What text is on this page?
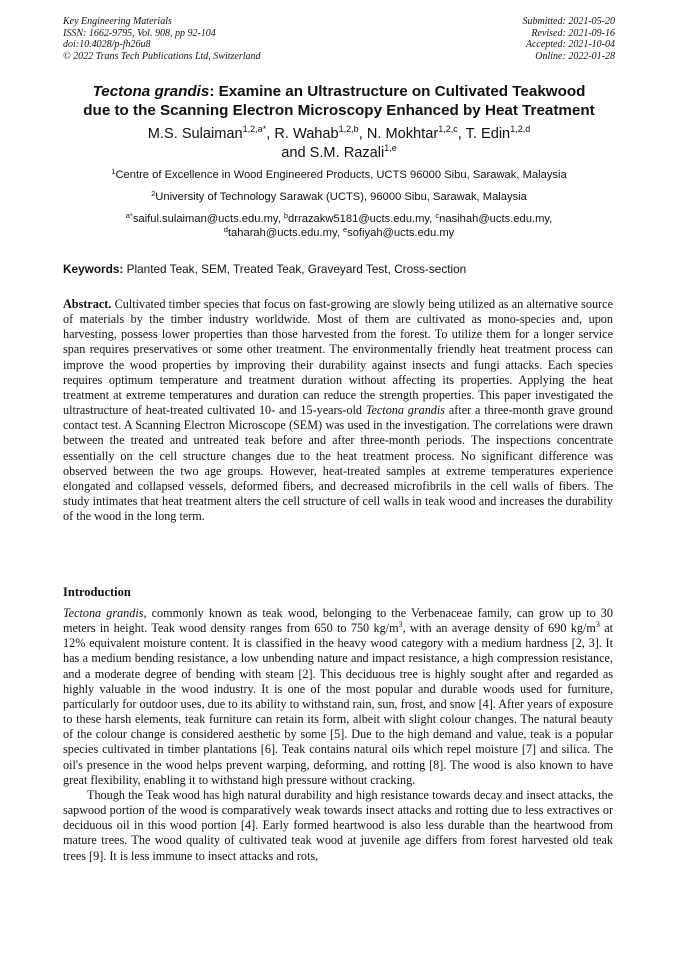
Key Engineering Materials
ISSN: 1662-9795, Vol. 908, pp 92-104
doi:10.4028/p-fh26u8
© 2022 Trans Tech Publications Ltd, Switzerland
Submitted: 2021-05-20
Revised: 2021-09-16
Accepted: 2021-10-04
Online: 2022-01-28
Tectona grandis: Examine an Ultrastructure on Cultivated Teakwood
due to the Scanning Electron Microscopy Enhanced by Heat Treatment
M.S. Sulaiman$^{1,2,a*}$, R. Wahab$^{1,2,b}$, N. Mokhtar$^{1,2,c}$, T. Edin$^{1,2,d}$
and S.M. Razali$^{1,e}$
$^1$Centre of Excellence in Wood Engineered Products, UCTS 96000 Sibu, Sarawak, Malaysia
$^2$University of Technology Sarawak (UCTS), 96000 Sibu, Sarawak, Malaysia
$^{a*}$saiful.sulaiman@ucts.edu.my, $^b$drrazakw5181@ucts.edu.my, $^c$nasihah@ucts.edu.my,
$^d$taharah@ucts.edu.my, $^e$sofiyah@ucts.edu.my
Keywords: Planted Teak, SEM, Treated Teak, Graveyard Test, Cross-section

Abstract. Cultivated timber species that focus on fast-growing are slowly being utilized as an alternative source of materials by the timber industry worldwide. Most of them are cultivated as mono-species and, upon harvesting, possess lower properties than those harvested from the forest. To utilize them for a longer service span requires preservatives or some other treatment. The environmentally friendly heat treatment process can improve the wood properties by improving their durability against insects and fungi attacks. Each species requires optimum temperature and treatment duration without affecting its properties. Applying the heat treatment at extreme temperatures and duration can reduce the strength properties. This paper investigated the ultrastructure of heat-treated cultivated 10- and 15-years-old Tectona grandis after a three-month grave ground contact test. A Scanning Electron Microscope (SEM) was used in the investigation. The correlations were drawn between the treated and untreated teak before and after three-month periods. The inspections concentrate essentially on the cell structure changes due to the heat treatment process. No significant difference was observed between the two age groups. However, heat-treated samples at extreme temperatures experience elongated and collapsed vessels, deformed fibers, and decreased microfibrils in the cell walls of fibers. The study intimates that heat treatment alters the cell structure of cell walls in teak wood and increases the durability of the wood in the long term.

Introduction

Tectona grandis, commonly known as teak wood, belonging to the Verbenaceae family, can grow up to 30 meters in height. Teak wood density ranges from 650 to 750 $kg/m^3$, with an average density of 690 $kg/m^3$ at 12% equivalent moisture content. It is classified in the heavy wood category with a medium hardness [2, 3]. It has a medium bending resistance, a low unbending nature and impact resistance, a high compression resistance, and a moderate degree of bending with steam [2]. This deciduous tree is highly sought after and regarded as highly valuable in the wood industry. It is one of the most popular and durable woods used for furniture, particularly for outdoor uses, due to its ability to withstand rain, sun, frost, and snow [4]. After years of exposure to these harsh elements, teak furniture can retain its form, albeit with slight colour changes. The natural beauty of the colour change is considered aesthetic by some [5]. Due to the high demand and value, teak is a popular species cultivated in timber plantations [6]. Teak contains natural oils which repel moisture [7] and silica. The oil's presence in the wood helps prevent warping, deforming, and rotting [8]. The wood is also known to have great flexibility, enabling it to withstand high pressure without cracking.

Though the Teak wood has high natural durability and high resistance towards decay and insect attacks, the sapwood portion of the wood is comparatively weak towards insect attacks and rotting due to less extractives or deciduous oil in this wood portion [4]. Early formed heartwood is also less durable than the heartwood from mature trees. The wood quality of cultivated teak wood at juvenile age differs from forest harvested old teak trees [9]. It is less immune to insect attacks and rots,
